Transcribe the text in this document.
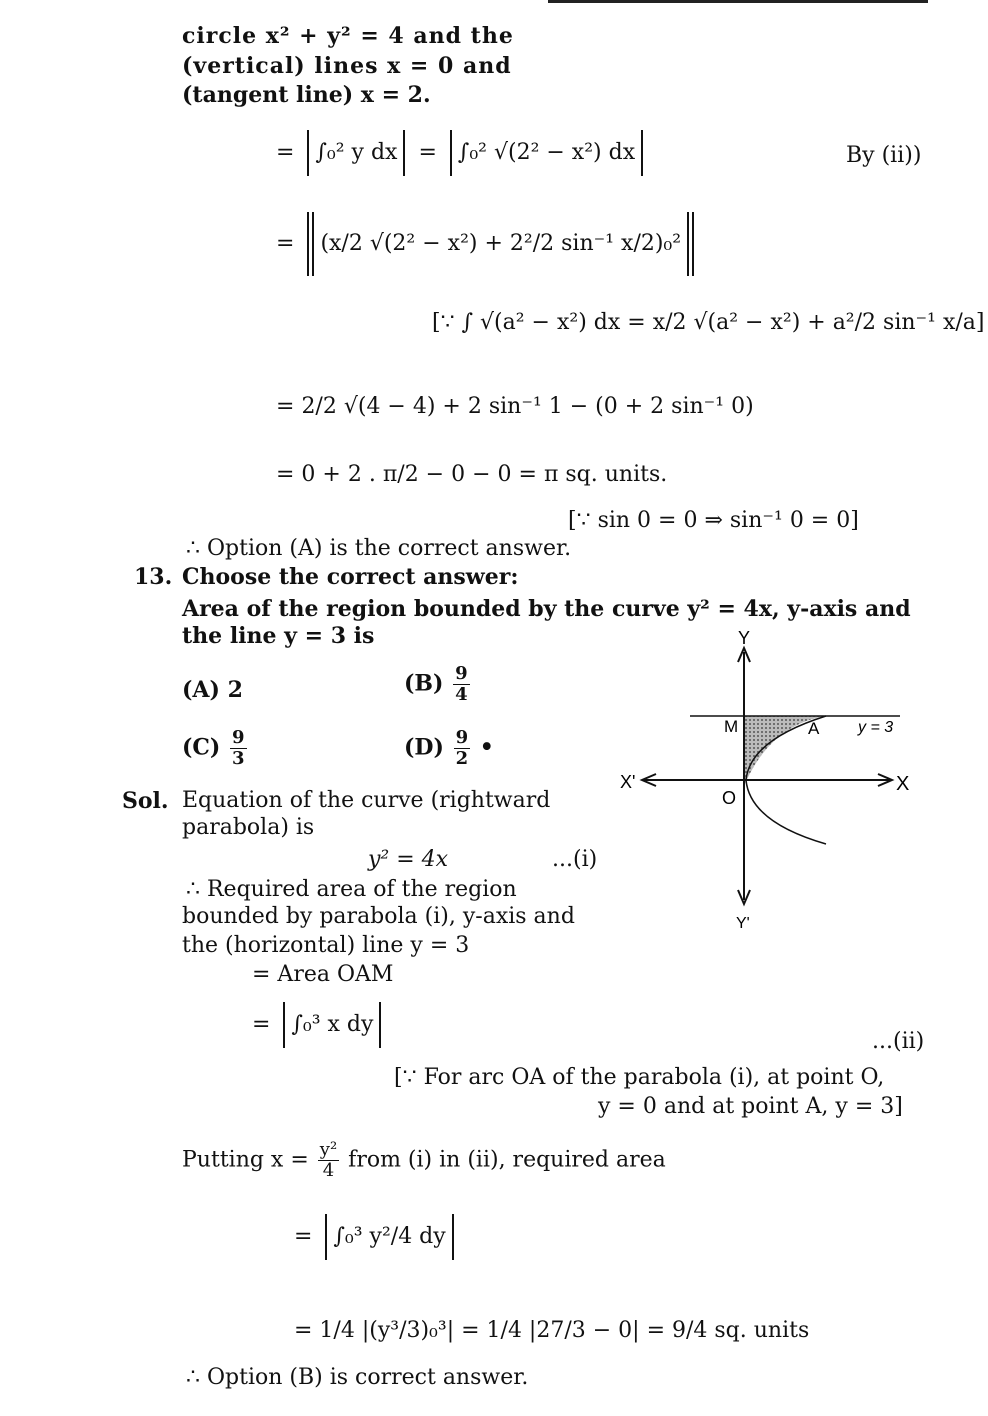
circle x² + y² = 4 and the
(vertical) lines x = 0 and
(tangent line) x = 2.
= ∫₀² y dx = ∫₀² √(2² − x²) dx	By (ii))
= (x/2 √(2² − x²) + 2²/2 sin⁻¹ x/2)₀²
[∵ ∫ √(a² − x²) dx = x/2 √(a² − x²) + a²/2 sin⁻¹ x/a]
= 2/2 √(4 − 4) + 2 sin⁻¹ 1 − (0 + 2 sin⁻¹ 0)
= 0 + 2 . π/2 − 0 − 0 = π sq. units.
[∵ sin 0 = 0 ⇒ sin⁻¹ 0 = 0]
∴ Option (A) is the correct answer.
13. Choose the correct answer:
Area of the region bounded by the curve y² = 4x, y-axis and
the line y = 3 is
(A) 2	$(B) \frac{9}{4}$
$(C) \frac{9}{3}$	$(D) \frac{9}{2}$ •
Y
Y'
X
X'
O
M	A y = 3
Sol. Equation of the curve (rightward
parabola) is
y² = 4x	...(i)
∴ Required area of the region
bounded by parabola (i), y-axis and
the (horizontal) line y = 3
= Area OAM
= ∫₀³ x dy
...(ii)
[∵ For arc OA of the parabola (i), at point O,
y = 0 and at point A, y = 3]
Putting $x = \frac{\text{y²}}{4}$ from (i) in (ii), required area
= ∫₀³ y²/4 dy
= 1/4 |(y³/3)₀³| = 1/4 |27/3 − 0| = 9/4 sq. units
∴ Option (B) is correct answer.
